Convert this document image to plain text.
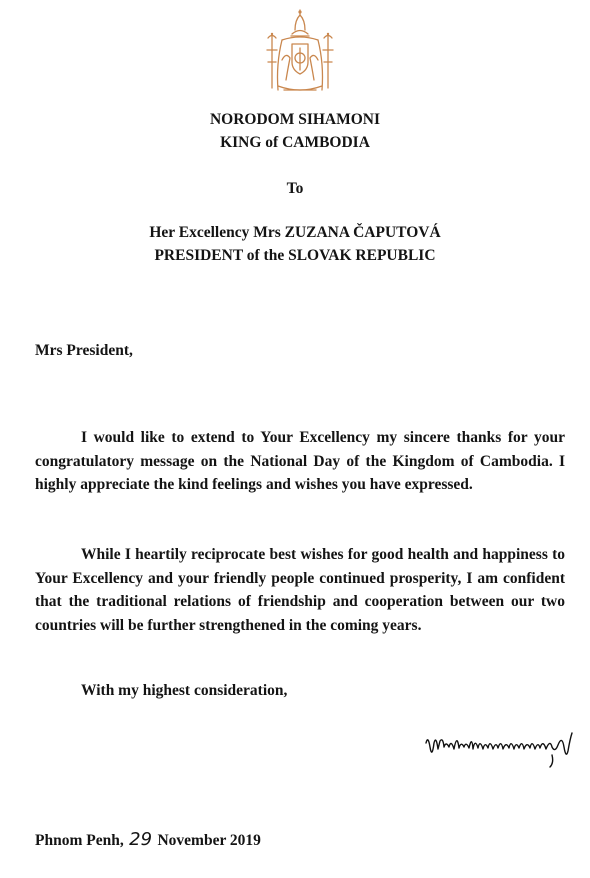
NORODOM SIHAMONI
KING of CAMBODIA
To
Her Excellency Mrs ZUZANA ČAPUTOVÁ
PRESIDENT of the SLOVAK REPUBLIC
Mrs President,
I would like to extend to Your Excellency my sincere thanks for your congratulatory message on the National Day of the Kingdom of Cambodia. I highly appreciate the kind feelings and wishes you have expressed.
While I heartily reciprocate best wishes for good health and happiness to Your Excellency and your friendly people continued prosperity, I am confident that the traditional relations of friendship and cooperation between our two countries will be further strengthened in the coming years.
With my highest consideration,
Phnom Penh, 29 November 2019
